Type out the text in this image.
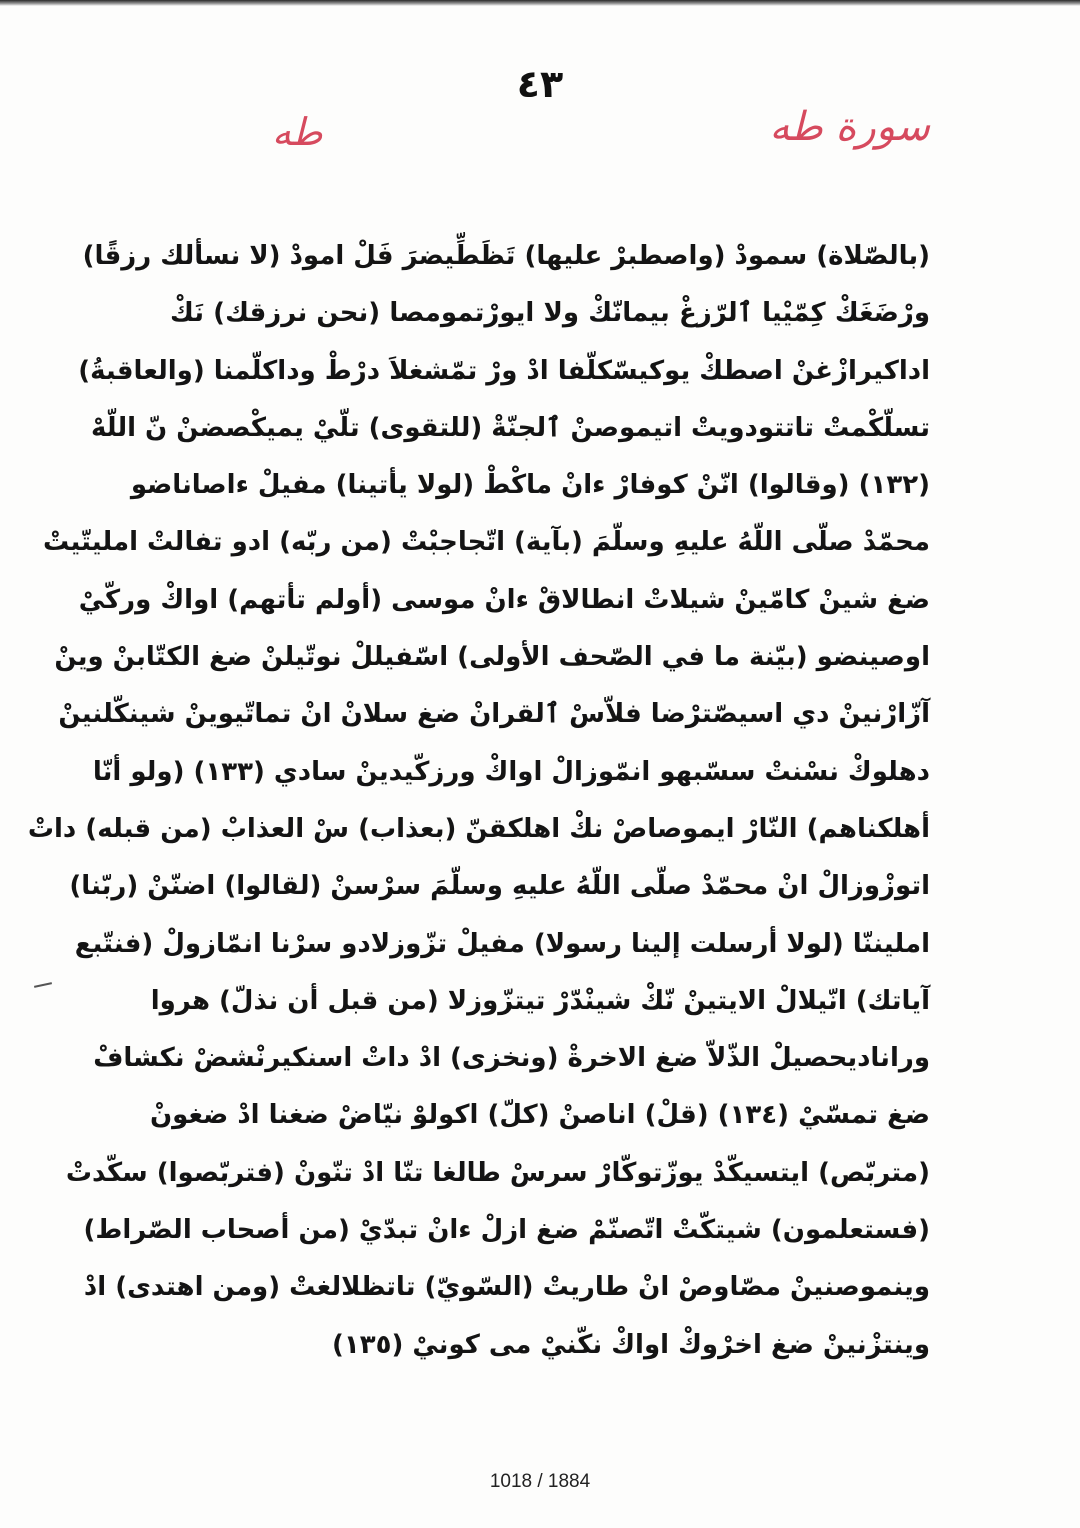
٤٣
سورة طه
طه
(بالصّلاة) سمودْ (واصطبرْ عليها) تَظَطِّيضرَ فَلْ امودْ (لا نسألك رزقًا)
ورْضَغَكْ كِمّيْيا ٱلرّزغْ بيمانّكْ ولا ايورْتمومصا (نحن نرزقك) نَكْ
اداكيرازْغنْ اصطكْ يوكيسّكلّفا ادْ ورْ تمّشغلاَ درْطْ وداكلّمنا (والعاقبةُ)
تسلّكْمتْ تاتتودويتْ اتيموصنْ ٱلجنّةْ (للتقوى) تلّيْ يميكْصضنْ نّ اللّهْ
(١٣٢) (وقالوا) انّنْ كوفارْ ءانْ ماكْطْ (لولا يأتينا) مفيلْ ءاصاناضو
محمّدْ صلّى اللّهُ عليهِ وسلّمَ (بآية) اتّجاجبْتْ (من ربّه) ادو تفالتْ امليتّيتْ
ضغ شينْ كامّينْ شيلاتْ انطالاقْ ءانْ موسى (أولم تأتهم) اواكْ وركّيْ
اوصينضو (بيّنة ما في الصّحف الأولى) اسّفيللْ نوتّيلنْ ضغ الكتّابنْ وينْ
آزّارْنينْ دي اسيصّترْضا فلاّسْ ٱلقرانْ ضغ سلانْ انْ تماتّيوينْ شينكّلنينْ
دهلوكْ نسْنتْ سسّبهو انمّوزالْ اواكْ ورزكّيدينْ سادي (١٣٣) (ولو أنّا
أهلكناهم) النّارْ ايموصاصْ نكْ اهلكقنّ (بعذاب) سْ العذابْ (من قبله) داتْ
اتوزْوزالْ انْ محمّدْ صلّى اللّهُ عليهِ وسلّمَ سرْسنْ (لقالوا) اضنّنْ (ربّنا)
امليننّا (لولا أرسلت إلينا رسولا) مفيلْ تزّوزلادو سرْنا انمّازولْ (فنتّبع
آياتك) انّيلالْ الايتينْ نّكْ شينْدّرْ تيتزّوزلا (من قبل أن نذلّ) هروا
وراناديحصيلْ الذّلاّ ضغ الاخرةْ (ونخزى) ادْ داتْ اسنكيرنْشضْ نكشافْ
ضغ تمسّيْ (١٣٤) (قلْ) اناصنْ (كلّ) اكولوْ نيّاضْ ضغنا ادْ ضغونْ
(متربّص) ايتسيكّدْ يوزّتوكّارْ سرسْ طالغا تنّا ادْ تنّونْ (فتربّصوا) سكّدتْ
(فستعلمون) شيتكّتْ اتّصنّمْ ضغ ازلْ ءانْ تبدّيْ (من أصحاب الصّراط)
وينموصنينْ مصّاوصْ انْ طاريتْ (السّويّ) تاتظلالغتْ (ومن اهتدى) ادْ
وينتزْنينْ ضغ اخرْوكْ اواكْ نكّنيْ مى كونيْ (١٣٥)
1018 / 1884
